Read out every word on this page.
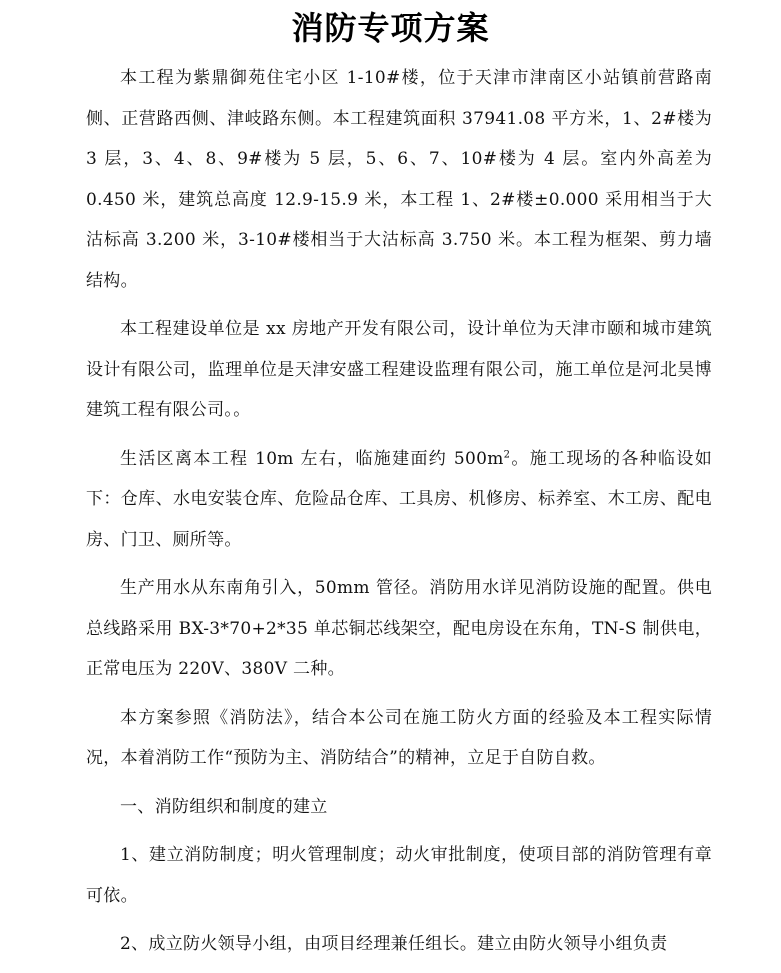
消防专项方案

本工程为紫鼎御苑住宅小区 1-10#楼，位于天津市津南区小站镇前营路南侧、正营路西侧、津岐路东侧。本工程建筑面积 37941.08 平方米，1、2#楼为 3 层，3、4、8、9#楼为 5 层，5、6、7、10#楼为 4 层。室内外高差为 0.450 米，建筑总高度 12.9-15.9 米，本工程 1、2#楼±0.000 采用相当于大沽标高 3.200 米，3-10#楼相当于大沽标高 3.750 米。本工程为框架、剪力墙结构。

本工程建设单位是 xx 房地产开发有限公司，设计单位为天津市颐和城市建筑设计有限公司，监理单位是天津安盛工程建设监理有限公司，施工单位是河北昊博建筑工程有限公司。。

生活区离本工程 10m 左右，临施建面约 $500m^2$。施工现场的各种临设如下：仓库、水电安装仓库、危险品仓库、工具房、机修房、标养室、木工房、配电房、门卫、厕所等。

生产用水从东南角引入，50mm 管径。消防用水详见消防设施的配置。供电总线路采用 BX-3*70+2*35 单芯铜芯线架空，配电房设在东角，TN-S 制供电，正常电压为 220V、380V 二种。

本方案参照《消防法》，结合本公司在施工防火方面的经验及本工程实际情况，本着消防工作“预防为主、消防结合”的精神，立足于自防自救。

一、消防组织和制度的建立

1、建立消防制度；明火管理制度；动火审批制度，使项目部的消防管理有章可依。

2、成立防火领导小组，由项目经理兼任组长。建立由防火领导小组负责
